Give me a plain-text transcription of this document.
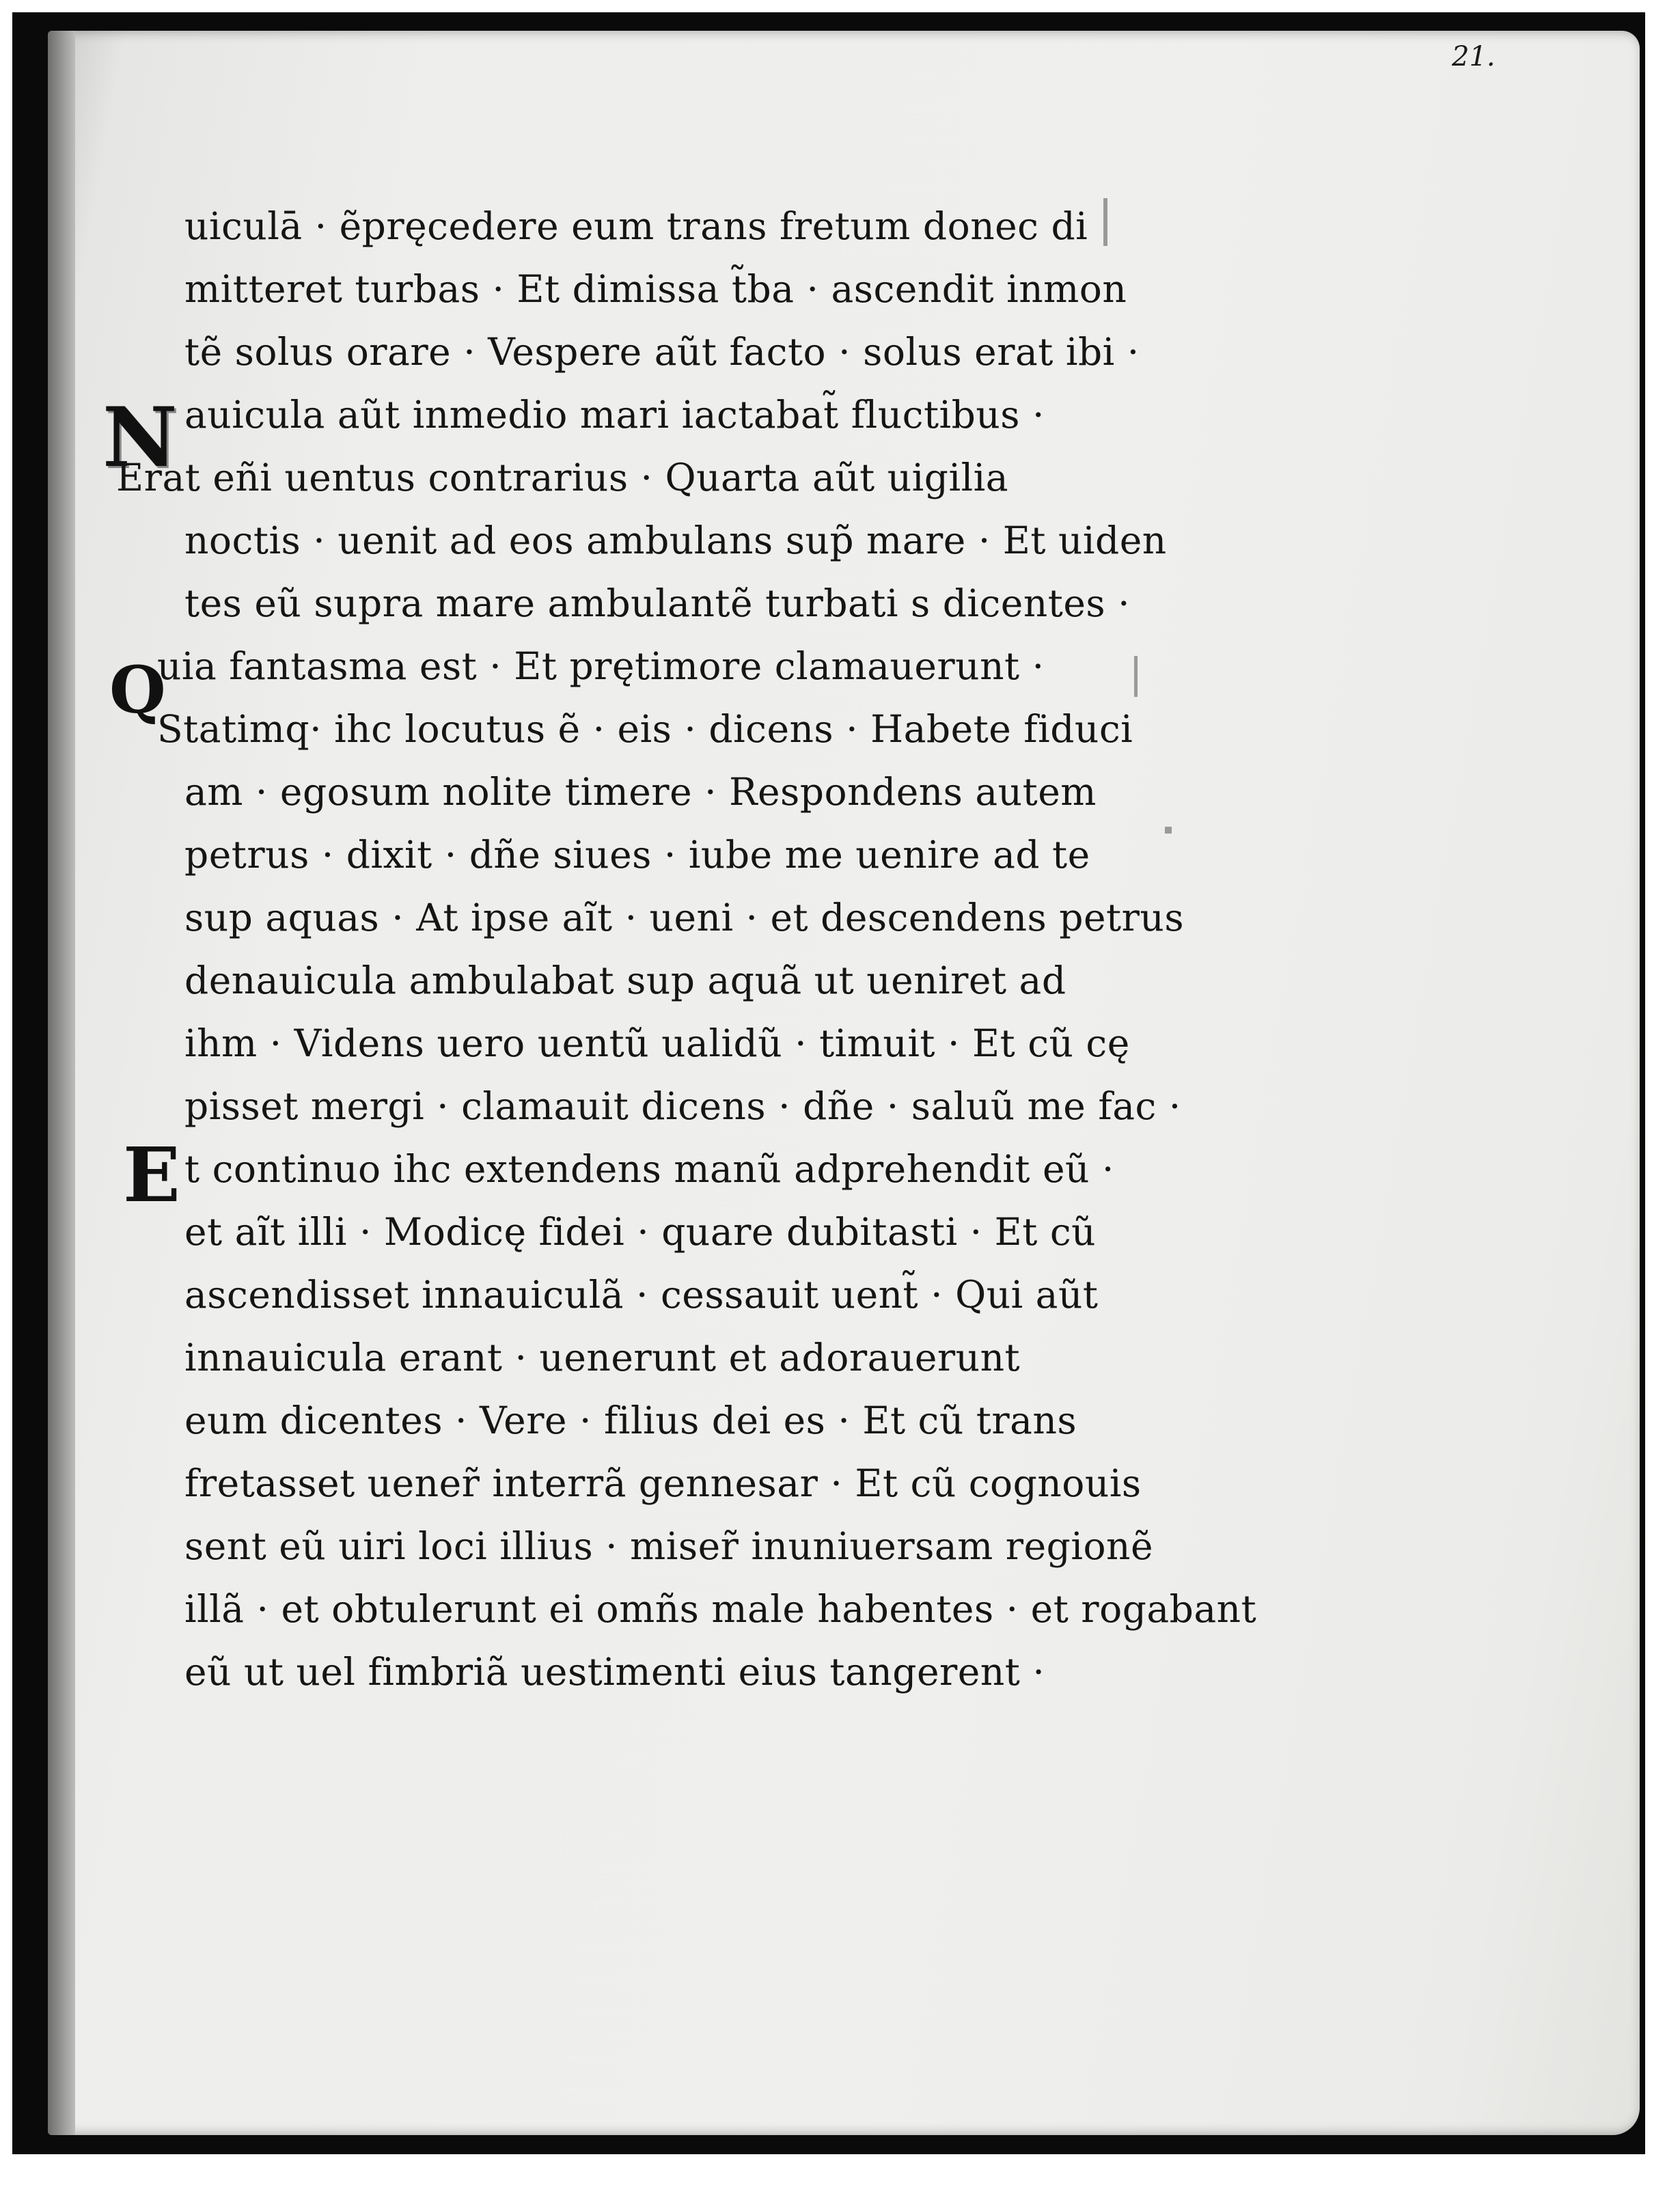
21.

N
Q
E
uiculā · ẽpręcedere eum trans fretum donec di
mitteret turbas · Et dimissa t̃ba · ascendit inmon
tẽ solus orare · Vespere aũt facto · solus erat ibi ·
auicula aũt inmedio mari iactabat̃ fluctibus ·
Erat eñi uentus contrarius · Quarta aũt uigilia
noctis · uenit ad eos ambulans sup̃ mare · Et uiden
tes eũ supra mare ambulantẽ turbati s dicentes ·
uia fantasma est · Et prętimore clamauerunt ·
Statimq· ihc locutus ẽ · eis · dicens · Habete fiduci
am · egosum nolite timere · Respondens autem
petrus · dixit · dñe siues · iube me uenire ad te
sup aquas · At ipse aĩt · ueni · et descendens petrus
denauicula ambulabat sup aquã ut ueniret ad
ihm · Videns uero uentũ ualidũ · timuit · Et cũ cę
pisset mergi · clamauit dicens · dñe · saluũ me fac ·
t continuo ihc extendens manũ adprehendit eũ ·
et aĩt illi · Modicę fidei · quare dubitasti · Et cũ
ascendisset innauiculã · cessauit uent̃ · Qui aũt
innauicula erant · uenerunt et adorauerunt
eum dicentes · Vere · filius dei es · Et cũ trans
fretasset uener̃ interrã gennesar · Et cũ cognouis
sent eũ uiri loci illius · miser̃ inuniuersam regionẽ
illã · et obtulerunt ei omñs male habentes · et rogabant
eũ ut uel fimbriã uestimenti eius tangerent ·
